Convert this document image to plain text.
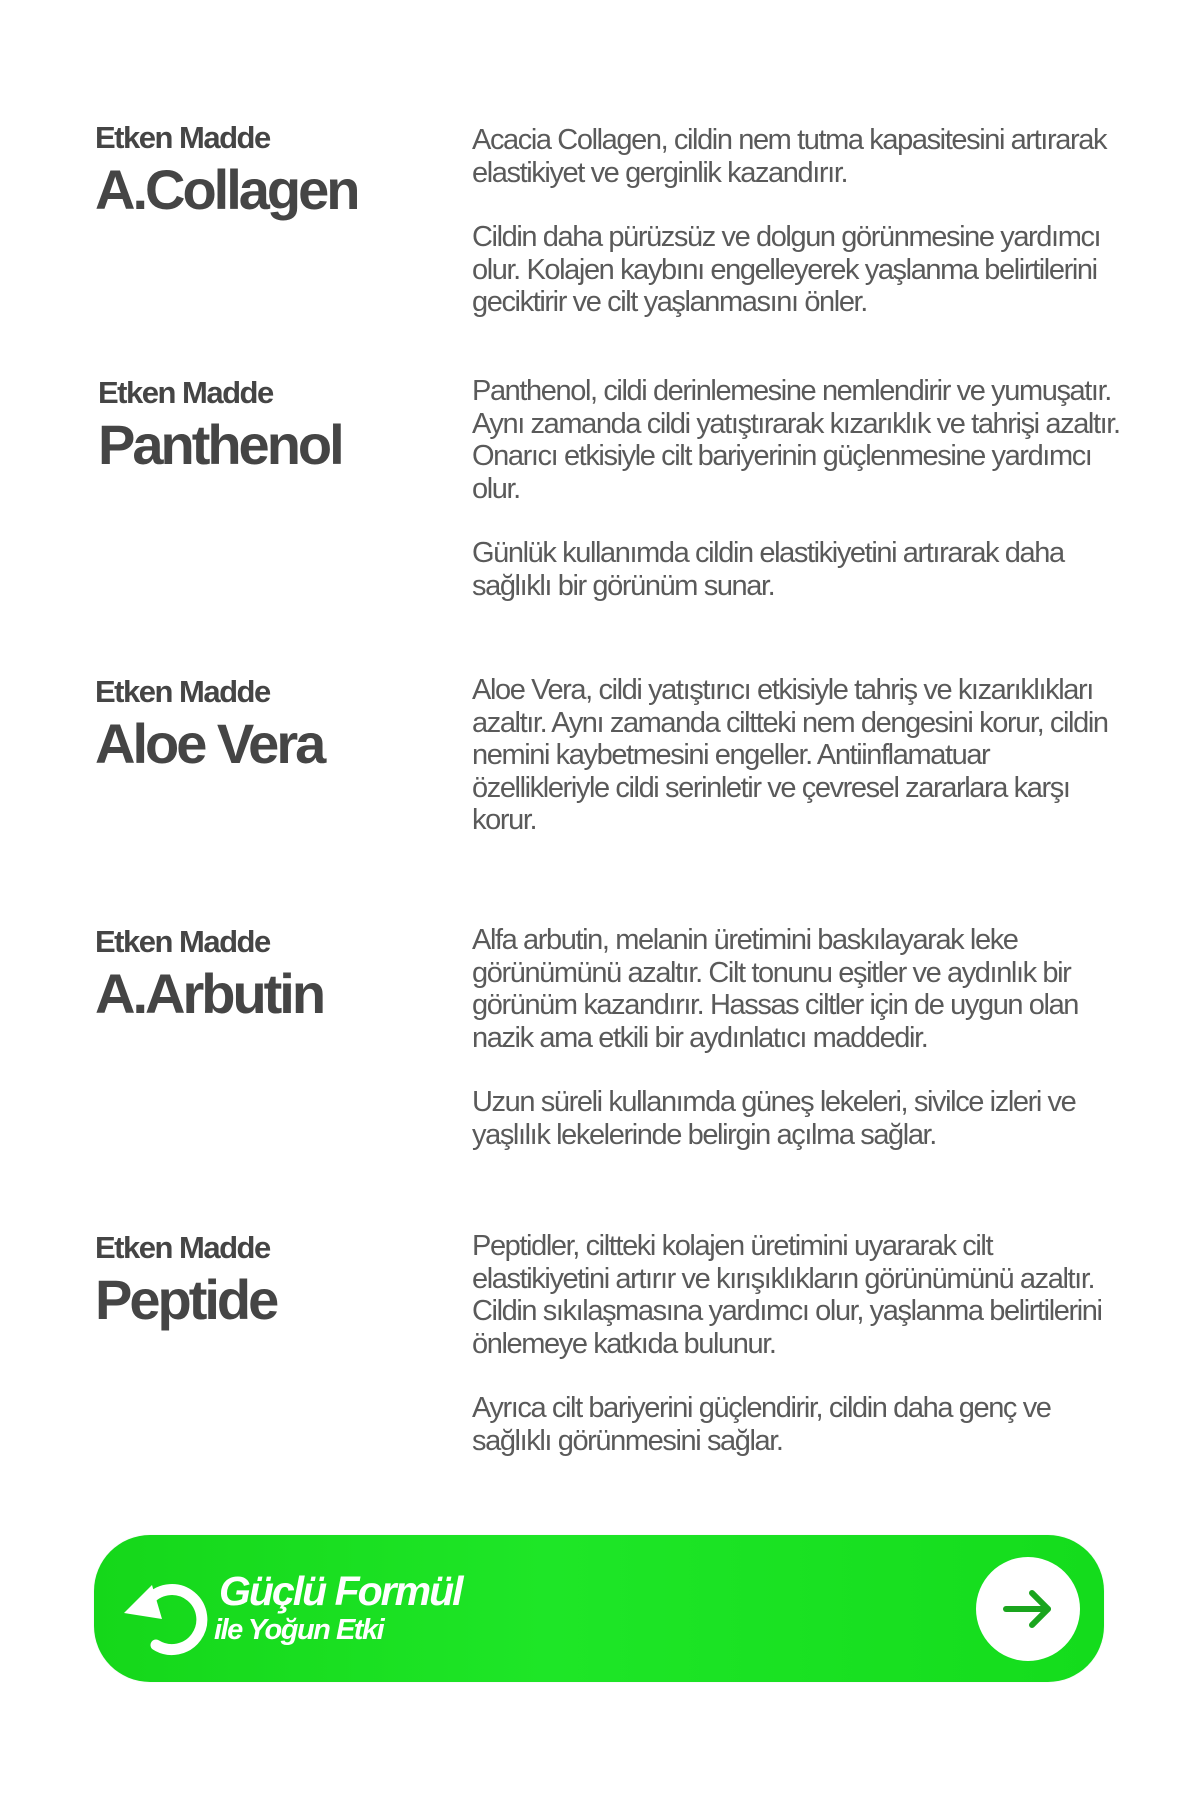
Etken Madde
A.Collagen

Acacia Collagen, cildin nem tutma kapasitesini artırarak elastikiyet ve gerginlik kazandırır.

Cildin daha pürüzsüz ve dolgun görünmesine yardımcı olur. Kolajen kaybını engelleyerek yaşlanma belirtilerini geciktirir ve cilt yaşlanmasını önler.

Etken Madde
Panthenol

Panthenol, cildi derinlemesine nemlendirir ve yumuşatır. Aynı zamanda cildi yatıştırarak kızarıklık ve tahrişi azaltır. Onarıcı etkisiyle cilt bariyerinin güçlenmesine yardımcı olur.

Günlük kullanımda cildin elastikiyetini artırarak daha sağlıklı bir görünüm sunar.

Etken Madde
Aloe Vera

Aloe Vera, cildi yatıştırıcı etkisiyle tahriş ve kızarıklıkları azaltır. Aynı zamanda ciltteki nem dengesini korur, cildin nemini kaybetmesini engeller. Antiinflamatuar özellikleriyle cildi serinletir ve çevresel zararlara karşı korur.

Etken Madde
A.Arbutin

Alfa arbutin, melanin üretimini baskılayarak leke görünümünü azaltır. Cilt tonunu eşitler ve aydınlık bir görünüm kazandırır. Hassas ciltler için de uygun olan nazik ama etkili bir aydınlatıcı maddedir.

Uzun süreli kullanımda güneş lekeleri, sivilce izleri ve yaşlılık lekelerinde belirgin açılma sağlar.

Etken Madde
Peptide

Peptidler, ciltteki kolajen üretimini uyararak cilt elastikiyetini artırır ve kırışıklıkların görünümünü azaltır. Cildin sıkılaşmasına yardımcı olur, yaşlanma belirtilerini önlemeye katkıda bulunur.

Ayrıca cilt bariyerini güçlendirir, cildin daha genç ve sağlıklı görünmesini sağlar.

Güçlü Formül
ile Yoğun Etki
